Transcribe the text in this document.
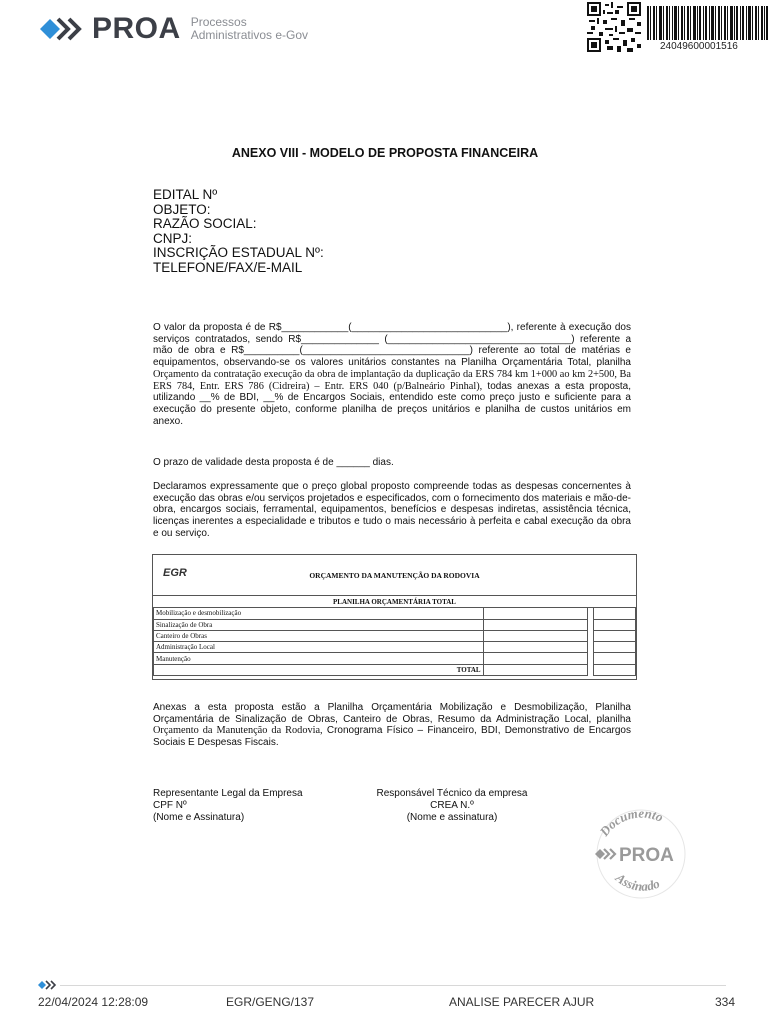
PROA Processos
Administrativos e-Gov
24049600001516
ANEXO VIII - MODELO DE PROPOSTA FINANCEIRA
EDITAL Nº
OBJETO:
RAZÃO SOCIAL:
CNPJ:
INSCRIÇÃO ESTADUAL Nº:
TELEFONE/FAX/E-MAIL
O valor da proposta é de R$____________(____________________________), referente à execução dos serviços contratados, sendo R$______________ (_________________________________) referente a mão de obra e R$__________(______________________________) referente ao total de matérias e equipamentos, observando-se os valores unitários constantes na Planilha Orçamentária Total, planilha Orçamento da contratação execução da obra de implantação da duplicação da ERS 784 km 1+000 ao km 2+500, Ba ERS 784, Entr. ERS 786 (Cidreira) – Entr. ERS 040 (p/Balneário Pinhal), todas anexas a esta proposta, utilizando __% de BDI, __% de Encargos Sociais, entendido este como preço justo e suficiente para a execução do presente objeto, conforme planilha de preços unitários e planilha de custos unitários em anexo.
O prazo de validade desta proposta é de ______ dias.
Declaramos expressamente que o preço global proposto compreende todas as despesas concernentes à execução das obras e/ou serviços projetados e especificados, com o fornecimento dos materiais e mão-de-obra, encargos sociais, ferramental, equipamentos, benefícios e despesas indiretas, assistência técnica, licenças inerentes a especialidade e tributos e tudo o mais necessário à perfeita e cabal execução da obra e ou serviço.
EGR	ORÇAMENTO DA MANUTENÇÃO DA RODOVIA
PLANILHA ORÇAMENTÁRIA TOTAL			
Mobilização e desmobilização			
Sinalização de Obra			
Canteiro de Obras			
Administração Local			
Manutenção			
TOTAL			
Anexas a esta proposta estão a Planilha Orçamentária Mobilização e Desmobilização, Planilha Orçamentária de Sinalização de Obras, Canteiro de Obras, Resumo da Administração Local, planilha Orçamento da Manutenção da Rodovia, Cronograma Físico – Financeiro, BDI, Demonstrativo de Encargos Sociais E Despesas Fiscais.
Representante Legal da Empresa
CPF Nº
(Nome e Assinatura)
Responsável Técnico da empresa
CREA N.º
(Nome e assinatura)
Documento
Assinado
PROA
22/04/2024 12:28:09	EGR/GENG/137	ANALISE PARECER AJUR	334
